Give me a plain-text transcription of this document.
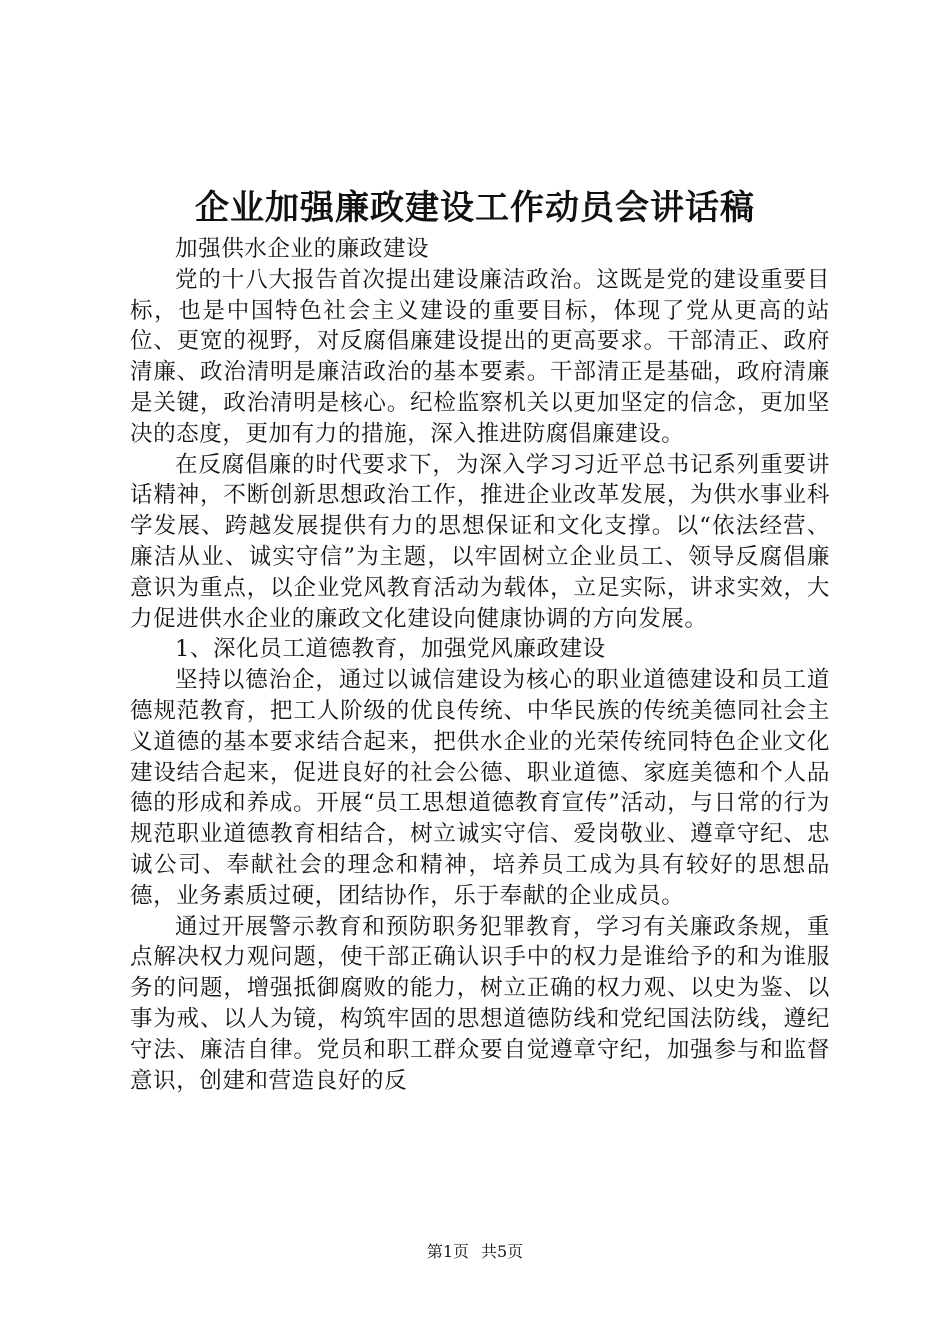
企业加强廉政建设工作动员会讲话稿

加强供水企业的廉政建设

党的十八大报告首次提出建设廉洁政治。这既是党的建设重要目标，也是中国特色社会主义建设的重要目标，体现了党从更高的站位、更宽的视野，对反腐倡廉建设提出的更高要求。干部清正、政府清廉、政治清明是廉洁政治的基本要素。干部清正是基础，政府清廉是关键，政治清明是核心。纪检监察机关以更加坚定的信念，更加坚决的态度，更加有力的措施，深入推进防腐倡廉建设。

在反腐倡廉的时代要求下，为深入学习习近平总书记系列重要讲话精神，不断创新思想政治工作，推进企业改革发展，为供水事业科学发展、跨越发展提供有力的思想保证和文化支撑。以“依法经营、廉洁从业、诚实守信”为主题，以牢固树立企业员工、领导反腐倡廉意识为重点，以企业党风教育活动为载体，立足实际，讲求实效，大力促进供水企业的廉政文化建设向健康协调的方向发展。

1、深化员工道德教育，加强党风廉政建设

坚持以德治企，通过以诚信建设为核心的职业道德建设和员工道德规范教育，把工人阶级的优良传统、中华民族的传统美德同社会主义道德的基本要求结合起来，把供水企业的光荣传统同特色企业文化建设结合起来，促进良好的社会公德、职业道德、家庭美德和个人品德的形成和养成。开展“员工思想道德教育宣传”活动，与日常的行为规范职业道德教育相结合，树立诚实守信、爱岗敬业、遵章守纪、忠诚公司、奉献社会的理念和精神，培养员工成为具有较好的思想品德，业务素质过硬，团结协作，乐于奉献的企业成员。

通过开展警示教育和预防职务犯罪教育，学习有关廉政条规，重点解决权力观问题，使干部正确认识手中的权力是谁给予的和为谁服务的问题，增强抵御腐败的能力，树立正确的权力观、以史为鉴、以事为戒、以人为镜，构筑牢固的思想道德防线和党纪国法防线，遵纪守法、廉洁自律。党员和职工群众要自觉遵章守纪，加强参与和监督意识，创建和营造良好的反

第1页 共5页
